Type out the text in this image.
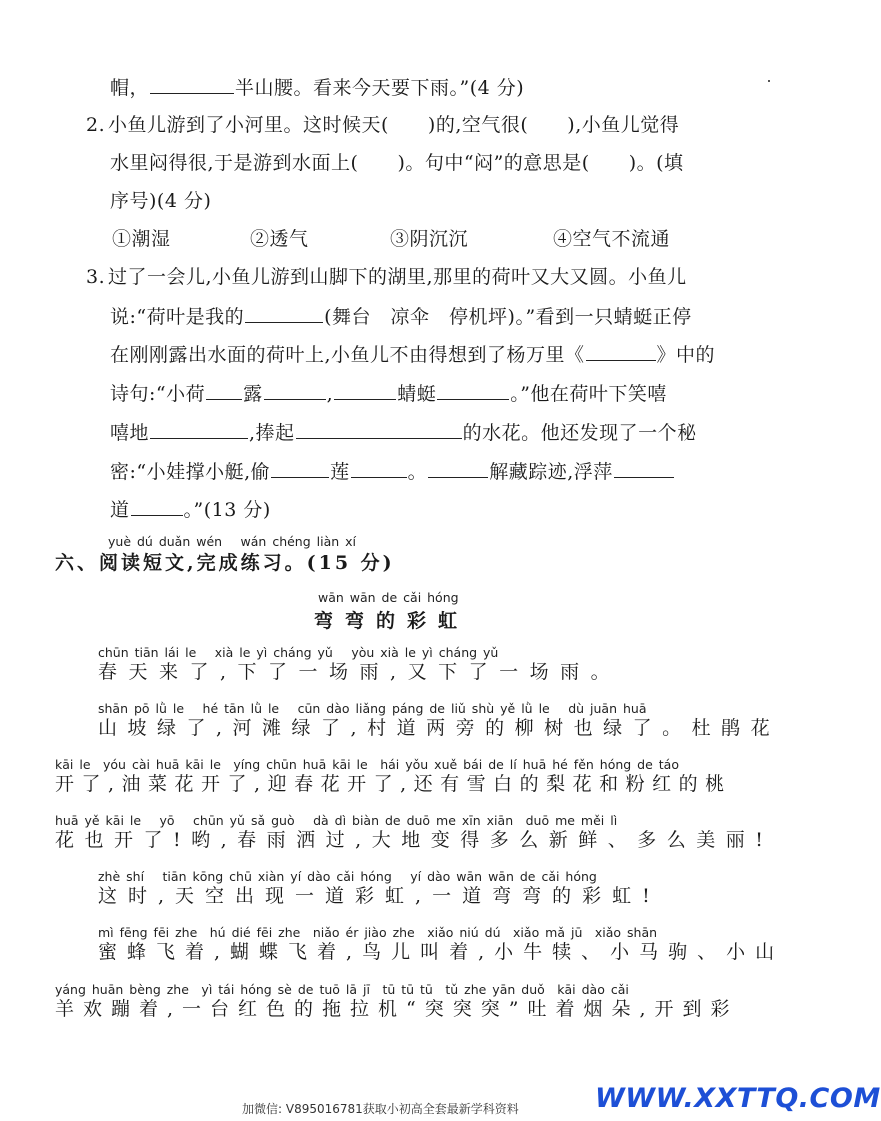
帽，	半山腰。看来今天要下雨。”(4 分)
2. 小鱼儿游到了小河里。这时候天(　　)的,空气很(　　),小鱼儿觉得
水里闷得很,于是游到水面上(　　)。句中“闷”的意思是(　　)。(填
序号)(4 分)
①潮湿	②透气	③阴沉沉	④空气不流通
3. 过了一会儿,小鱼儿游到山脚下的湖里,那里的荷叶又大又圆。小鱼儿
说:“荷叶是我的	(舞台　凉伞　停机坪)。”看到一只蜻蜓正停
在刚刚露出水面的荷叶上,小鱼儿不由得想到了杨万里《	》中的
诗句:“小荷 露	,	蜻蜓	。”他在荷叶下笑嘻
嘻地	,捧起	的水花。他还发现了一个秘
密:“小娃撑小艇,偷	莲	。	解藏踪迹,浮萍
道	。”(13 分)
yuè dú duǎn wén　 wán chéng liàn xí
六、阅读短文,完成练习。(15 分)
wān wān de cǎi hóng
弯弯的彩虹
chūn tiān lái le　 xià le yì cháng yǔ　 yòu xià le yì cháng yǔ
春天来了,下了一场雨,又下了一场雨。
shān pō lǜ le　 hé tān lǜ le　 cūn dào liǎng páng de liǔ shù yě lǜ le　 dù juān huā
山坡绿了,河滩绿了,村道两旁的柳树也绿了。杜鹃花
kāi le　yóu cài huā kāi le　yíng chūn huā kāi le　hái yǒu xuě bái de lí huā hé fěn hóng de táo
开了,油菜花开了,迎春花开了,还有雪白的梨花和粉红的桃
huā yě kāi le　 yō　 chūn yǔ sǎ guò　 dà dì biàn de duō me xīn xiān　duō me měi lì
花也开了!哟,春雨洒过,大地变得多么新鲜、多么美丽!
zhè shí　 tiān kōng chū xiàn yí dào cǎi hóng　 yí dào wān wān de cǎi hóng
这时,天空出现一道彩虹,一道弯弯的彩虹!
mì fēng fēi zhe　hú dié fēi zhe　niǎo ér jiào zhe　xiǎo niú dú　xiǎo mǎ jū　xiǎo shān
蜜蜂飞着,蝴蝶飞着,鸟儿叫着,小牛犊、小马驹、小山
yáng huān bèng zhe　yì tái hóng sè de tuō lā jī　tū tū tū　tǔ zhe yān duǒ　kāi dào cǎi
羊欢蹦着,一台红色的拖拉机“突突突”吐着烟朵,开到彩
加微信: V895016781获取小初高全套最新学科资料	WWW.XXTTQ.COM
